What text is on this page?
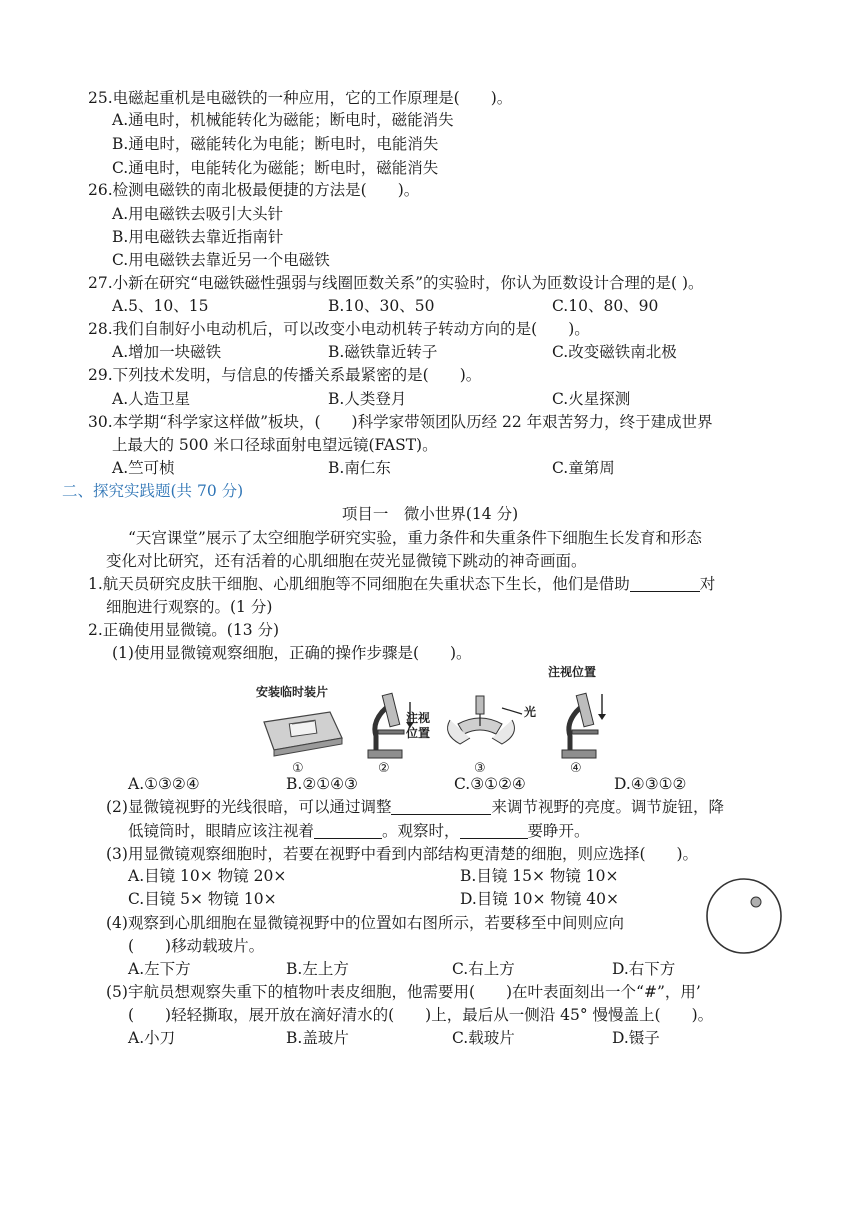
25.电磁起重机是电磁铁的一种应用，它的工作原理是(　　)。
A.通电时，机械能转化为磁能；断电时，磁能消失
B.通电时，磁能转化为电能；断电时，电能消失
C.通电时，电能转化为磁能；断电时，磁能消失
26.检测电磁铁的南北极最便捷的方法是(　　)。
A.用电磁铁去吸引大头针
B.用电磁铁去靠近指南针
C.用电磁铁去靠近另一个电磁铁
27.小新在研究“电磁铁磁性强弱与线圈匝数关系”的实验时，你认为匝数设计合理的是( )。
A.5、10、15	B.10、30、50	C.10、80、90
28.我们自制好小电动机后，可以改变小电动机转子转动方向的是(　　)。
A.增加一块磁铁	B.磁铁靠近转子	C.改变磁铁南北极
29.下列技术发明，与信息的传播关系最紧密的是(　　)。
A.人造卫星	B.人类登月	C.火星探测
30.本学期“科学家这样做”板块，(　　)科学家带领团队历经 22 年艰苦努力，终于建成世界
上最大的 500 米口径球面射电望远镜(FAST)。
A.竺可桢	B.南仁东	C.童第周
二、探究实践题(共 70 分)
项目一　微小世界(14 分)
“天宫课堂”展示了太空细胞学研究实验，重力条件和失重条件下细胞生长发育和形态
变化对比研究，还有活着的心肌细胞在荧光显微镜下跳动的神奇画面。
1.航天员研究皮肤干细胞、心肌细胞等不同细胞在失重状态下生长，他们是借助	对
细胞进行观察的。(1 分)
2.正确使用显微镜。(13 分)
(1)使用显微镜观察细胞，正确的操作步骤是(　　)。
安装临时装片
①
注视
位置
②
光
③
注视位置
④
A.①③②④	B.②①④③	C.③①②④	D.④③①②
(2)显微镜视野的光线很暗，可以通过调整	来调节视野的亮度。调节旋钮，降
低镜筒时，眼睛应该注视着	。观察时，	要睁开。
(3)用显微镜观察细胞时，若要在视野中看到内部结构更清楚的细胞，则应选择(　　)。
A.目镜 10× 物镜 20×	B.目镜 15× 物镜 10×
C.目镜 5× 物镜 10×	D.目镜 10× 物镜 40×
(4)观察到心肌细胞在显微镜视野中的位置如右图所示，若要移至中间则应向
(　　)移动载玻片。
A.左下方	B.左上方	C.右上方	D.右下方
(5)宇航员想观察失重下的植物叶表皮细胞，他需要用(　　)在叶表面刻出一个“#”，用’
(　　)轻轻撕取，展开放在滴好清水的(　　)上，最后从一侧沿 45° 慢慢盖上(　　)。
A.小刀	B.盖玻片	C.载玻片	D.镊子
